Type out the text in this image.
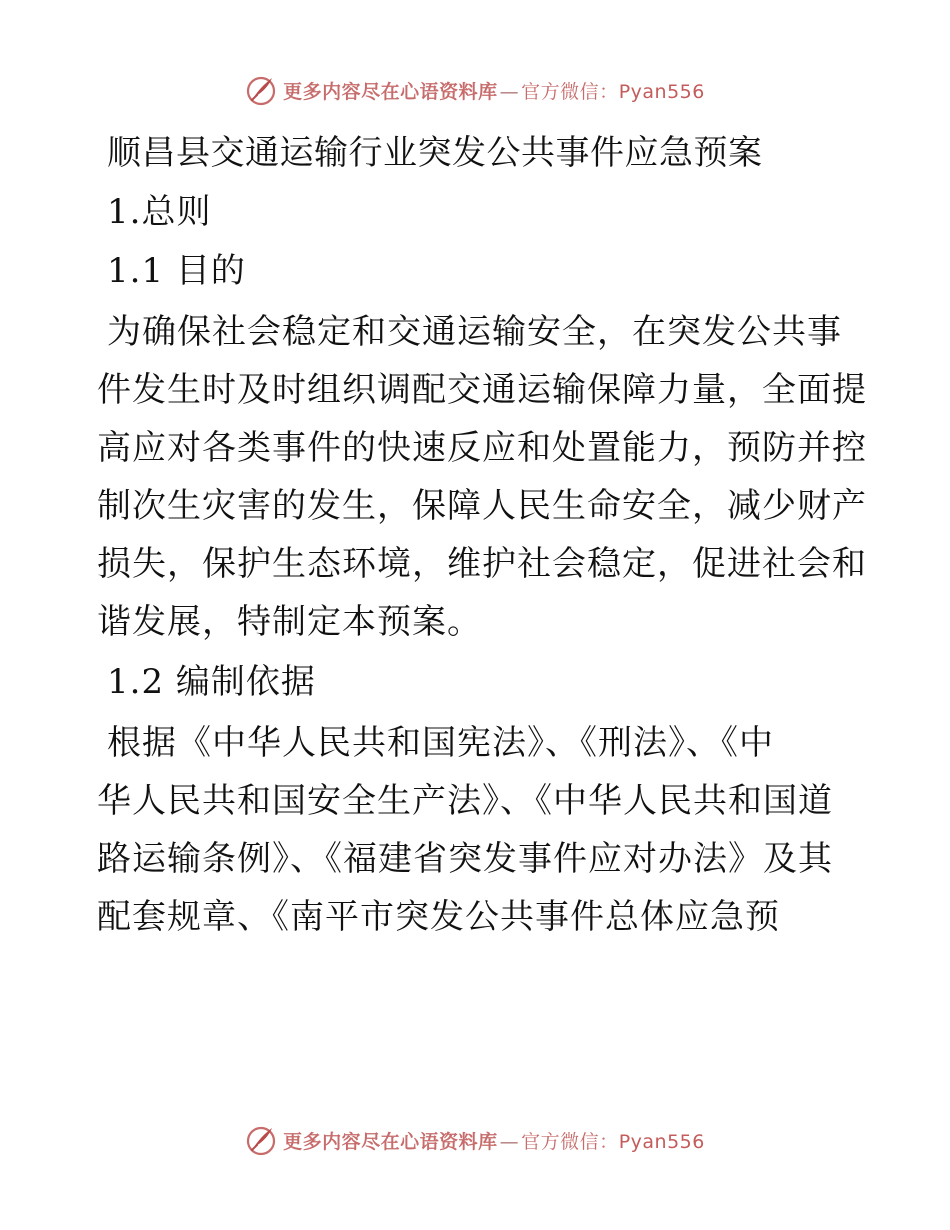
更多内容尽在心语资料库 — 官方微信：Pyan556
顺昌县交通运输行业突发公共事件应急预案
1.总则
1.1 目的
为确保社会稳定和交通运输安全，在突发公共事
件发生时及时组织调配交通运输保障力量，全面提
高应对各类事件的快速反应和处置能力，预防并控
制次生灾害的发生，保障人民生命安全，减少财产
损失，保护生态环境，维护社会稳定，促进社会和
谐发展，特制定本预案。
1.2 编制依据
根据《中华人民共和国宪法》、《刑法》、《中
华人民共和国安全生产法》、《中华人民共和国道
路运输条例》、《福建省突发事件应对办法》及其
配套规章、《南平市突发公共事件总体应急预
更多内容尽在心语资料库 — 官方微信：Pyan556
